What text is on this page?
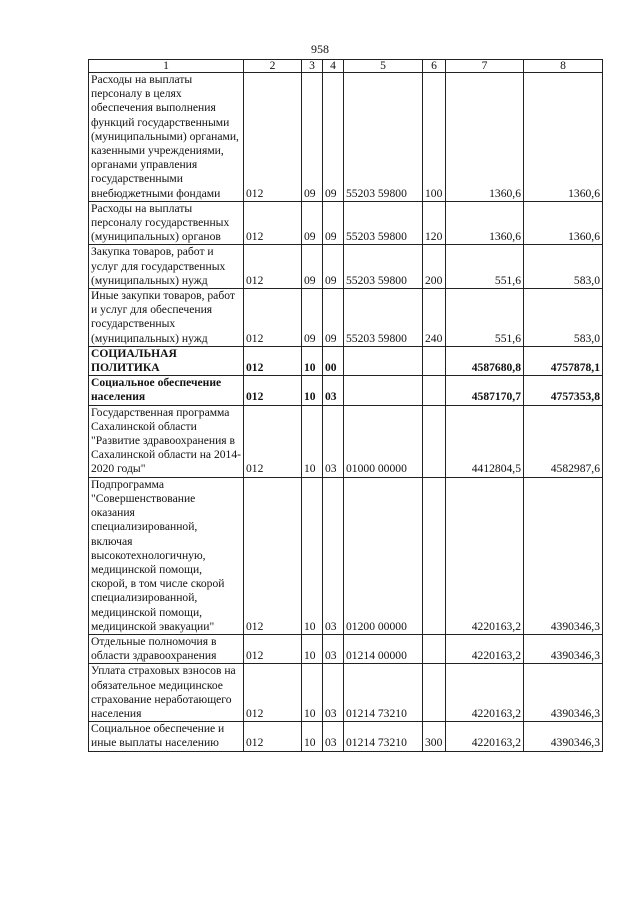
958
1	2	3	4	5	6	7	8
Расходы на выплаты персоналу в целях обеспечения выполнения функций государственными (муниципальными) органами, казенными учреждениями, органами управления государственными внебюджетными фондами	012	09	09	55203 59800	100	1360,6	1360,6
Расходы на выплаты персоналу государственных (муниципальных) органов	012	09	09	55203 59800	120	1360,6	1360,6
Закупка товаров, работ и услуг для государственных (муниципальных) нужд	012	09	09	55203 59800	200	551,6	583,0
Иные закупки товаров, работ и услуг для обеспечения государственных (муниципальных) нужд	012	09	09	55203 59800	240	551,6	583,0
СОЦИАЛЬНАЯ ПОЛИТИКА	012	10	00			4587680,8	4757878,1
Социальное обеспечение населения	012	10	03			4587170,7	4757353,8
Государственная программа Сахалинской области "Развитие здравоохранения в Сахалинской области на 2014-2020 годы"	012	10	03	01000 00000		4412804,5	4582987,6
Подпрограмма "Совершенствование оказания специализированной, включая высокотехнологичную, медицинской помощи, скорой, в том числе скорой специализированной, медицинской помощи, медицинской эвакуации"	012	10	03	01200 00000		4220163,2	4390346,3
Отдельные полномочия в области здравоохранения	012	10	03	01214 00000		4220163,2	4390346,3
Уплата страховых взносов на обязательное медицинское страхование неработающего населения	012	10	03	01214 73210		4220163,2	4390346,3
Социальное обеспечение и иные выплаты населению	012	10	03	01214 73210	300	4220163,2	4390346,3
